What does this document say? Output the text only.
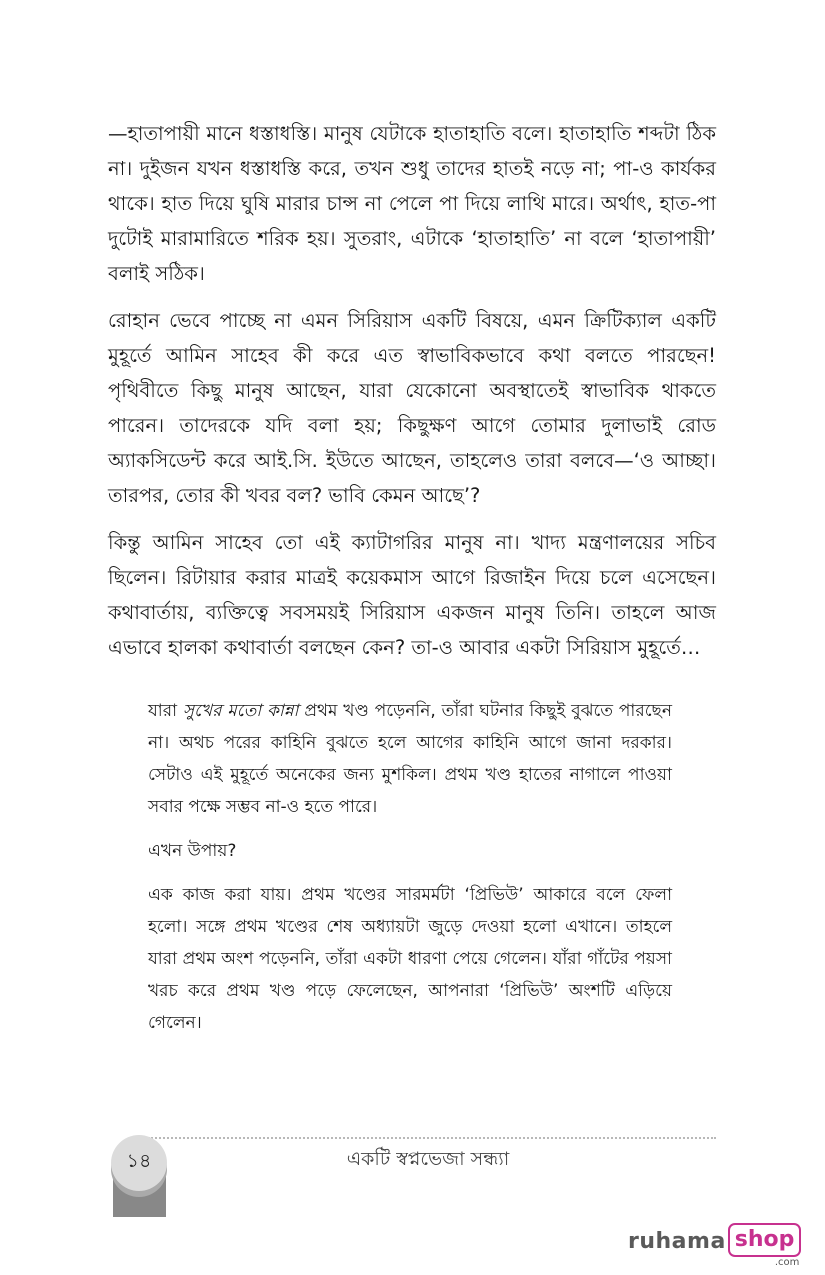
—হাতাপায়ী মানে ধস্তাধস্তি। মানুষ যেটাকে হাতাহাতি বলে। হাতাহাতি শব্দটা ঠিক না। দুইজন যখন ধস্তাধস্তি করে, তখন শুধু তাদের হাতই নড়ে না; পা-ও কার্যকর থাকে। হাত দিয়ে ঘুষি মারার চান্স না পেলে পা দিয়ে লাথি মারে। অর্থাৎ, হাত-পা দুটোই মারামারিতে শরিক হয়। সুতরাং, এটাকে ‘হাতাহাতি’ না বলে ‘হাতাপায়ী’ বলাই সঠিক।

রোহান ভেবে পাচ্ছে না এমন সিরিয়াস একটি বিষয়ে, এমন ক্রিটিক্যাল একটি মুহূর্তে আমিন সাহেব কী করে এত স্বাভাবিকভাবে কথা বলতে পারছেন! পৃথিবীতে কিছু মানুষ আছেন, যারা যেকোনো অবস্থাতেই স্বাভাবিক থাকতে পারেন। তাদেরকে যদি বলা হয়; কিছুক্ষণ আগে তোমার দুলাভাই রোড অ্যাকসিডেন্ট করে আই.সি. ইউতে আছেন, তাহলেও তারা বলবে—‘ও আচ্ছা। তারপর, তোর কী খবর বল? ভাবি কেমন আছে’?

কিন্তু আমিন সাহেব তো এই ক্যাটাগরির মানুষ না। খাদ্য মন্ত্রণালয়ের সচিব ছিলেন। রিটায়ার করার মাত্রই কয়েকমাস আগে রিজাইন দিয়ে চলে এসেছেন। কথাবার্তায়, ব্যক্তিত্বে সবসময়ই সিরিয়াস একজন মানুষ তিনি। তাহলে আজ এভাবে হালকা কথাবার্তা বলছেন কেন? তা-ও আবার একটা সিরিয়াস মুহূর্তে…

যারা সুখের মতো কান্না প্রথম খণ্ড পড়েননি, তাঁরা ঘটনার কিছুই বুঝতে পারছেন না। অথচ পরের কাহিনি বুঝতে হলে আগের কাহিনি আগে জানা দরকার। সেটাও এই মুহূর্তে অনেকের জন্য মুশকিল। প্রথম খণ্ড হাতের নাগালে পাওয়া সবার পক্ষে সম্ভব না-ও হতে পারে।

এখন উপায়?

এক কাজ করা যায়। প্রথম খণ্ডের সারমর্মটা ‘প্রিভিউ’ আকারে বলে ফেলা হলো। সঙ্গে প্রথম খণ্ডের শেষ অধ্যায়টা জুড়ে দেওয়া হলো এখানে। তাহলে যারা প্রথম অংশ পড়েননি, তাঁরা একটা ধারণা পেয়ে গেলেন। যাঁরা গাঁটের পয়সা খরচ করে প্রথম খণ্ড পড়ে ফেলেছেন, আপনারা ‘প্রিভিউ’ অংশটি এড়িয়ে গেলেন।

১৪	একটি স্বপ্নভেজা সন্ধ্যা
ruhama shop
.com
